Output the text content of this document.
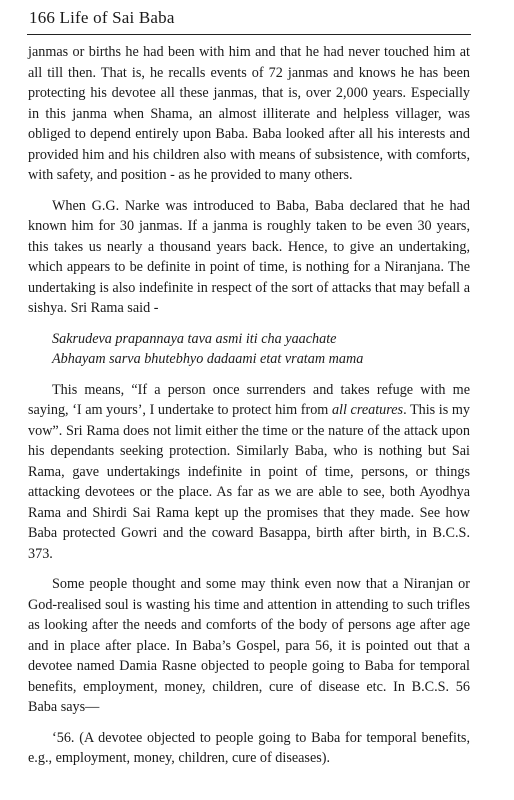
166 Life of Sai Baba

janmas or births he had been with him and that he had never touched him at all till then. That is, he recalls events of 72 janmas and knows he has been protecting his devotee all these janmas, that is, over 2,000 years. Especially in this janma when Shama, an almost illiterate and helpless villager, was obliged to depend entirely upon Baba. Baba looked after all his interests and provided him and his children also with means of subsistence, with comforts, with safety, and position - as he provided to many others.

When G.G. Narke was introduced to Baba, Baba declared that he had known him for 30 janmas. If a janma is roughly taken to be even 30 years, this takes us nearly a thousand years back. Hence, to give an undertaking, which appears to be definite in point of time, is nothing for a Niranjana. The undertaking is also indefinite in respect of the sort of attacks that may befall a sishya. Sri Rama said -

Sakrudeva prapannaya tava asmi iti cha yaachate
Abhayam sarva bhutebhyo dadaami etat vratam mama

This means, “If a person once surrenders and takes refuge with me saying, ‘I am yours’, I undertake to protect him from all creatures. This is my vow”. Sri Rama does not limit either the time or the nature of the attack upon his dependants seeking protection. Similarly Baba, who is nothing but Sai Rama, gave undertakings indefinite in point of time, persons, or things attacking devotees or the place. As far as we are able to see, both Ayodhya Rama and Shirdi Sai Rama kept up the promises that they made. See how Baba protected Gowri and the coward Basappa, birth after birth, in B.C.S. 373.

Some people thought and some may think even now that a Niranjan or God-realised soul is wasting his time and attention in attending to such trifles as looking after the needs and comforts of the body of persons age after age and in place after place. In Baba’s Gospel, para 56, it is pointed out that a devotee named Damia Rasne objected to people going to Baba for temporal benefits, employment, money, children, cure of disease etc. In B.C.S. 56 Baba says—

‘56. (A devotee objected to people going to Baba for temporal benefits, e.g., employment, money, children, cure of diseases).
